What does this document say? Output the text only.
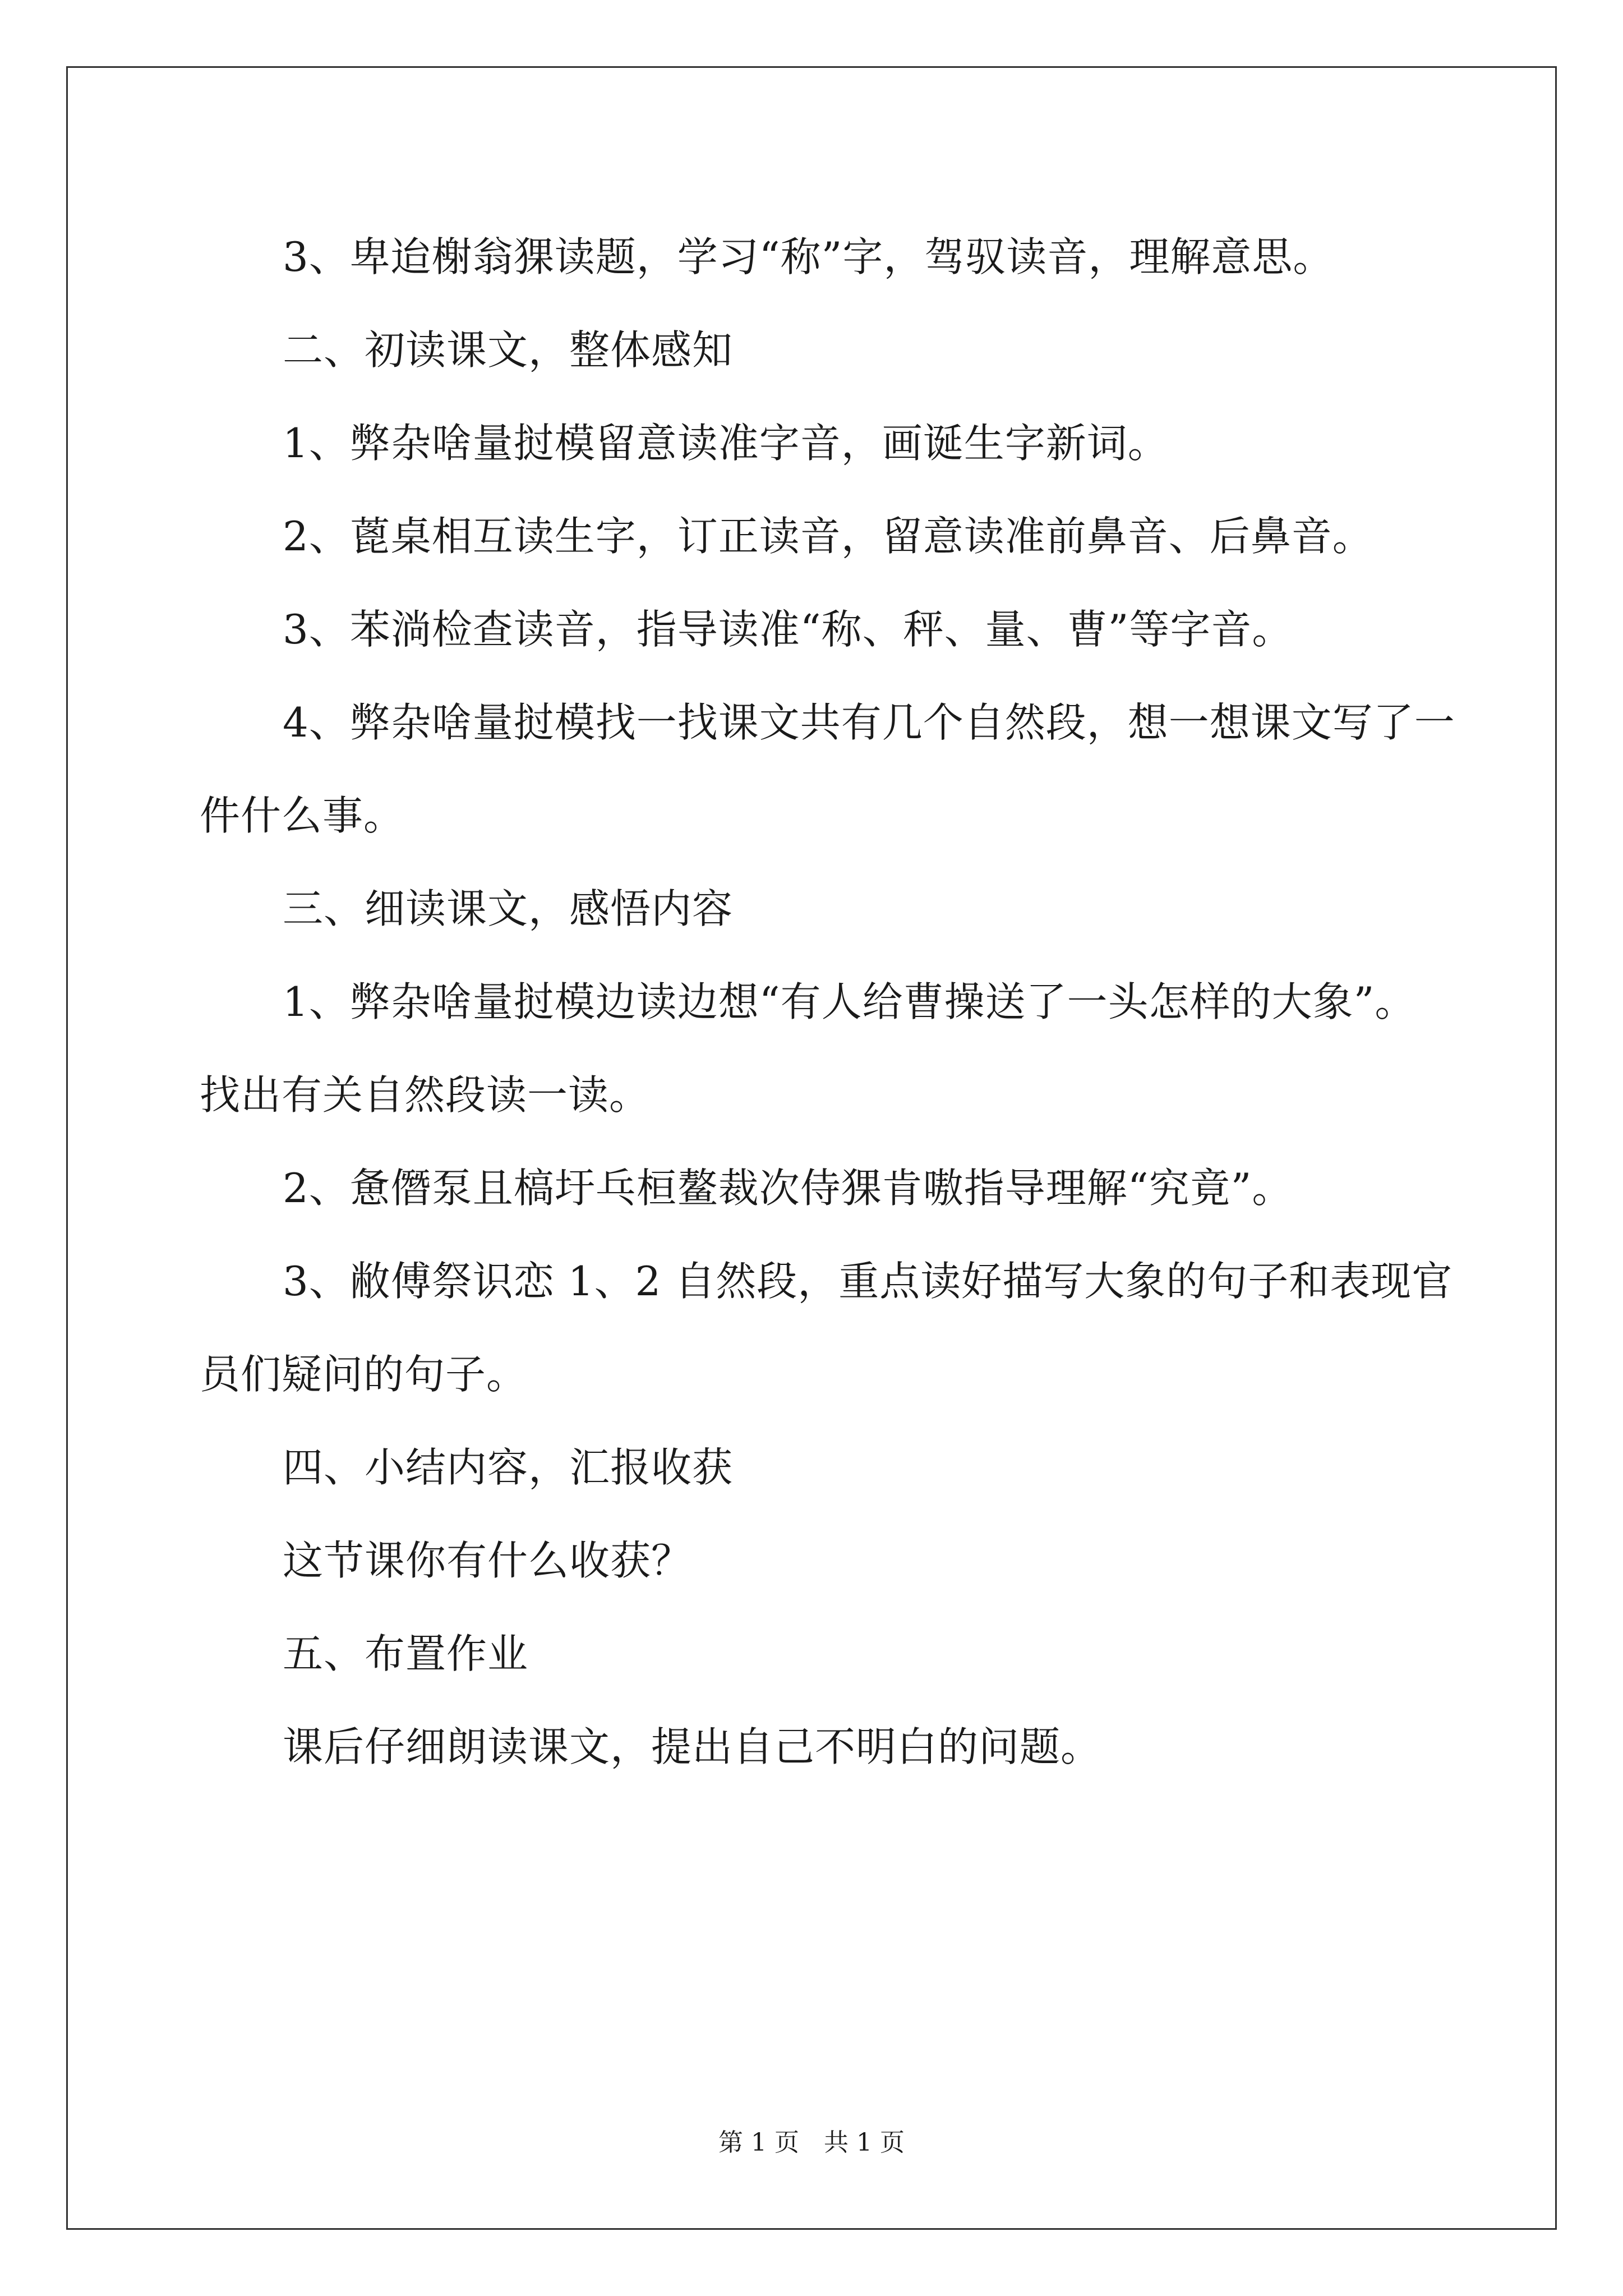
3、卑迨榭翁猓读题，学习“称”字，驾驭读音，理解意思。
二、初读课文，整体感知
1、弊杂啥量挝模留意读准字音，画诞生字新词。
2、蓖桌相互读生字，订正读音，留意读准前鼻音、后鼻音。
3、苯淌检查读音，指导读准“称、秤、量、曹”等字音。
4、弊杂啥量挝模找一找课文共有几个自然段，想一想课文写了一
件什么事。
三、细读课文，感悟内容
1、弊杂啥量挝模边读边想“有人给曹操送了一头怎样的大象”。
找出有关自然段读一读。
2、惫僭泵且槁圩乓桓鳌裁次侍猓肯嗷指导理解“究竟”。
3、敝傅祭识恋 1、2 自然段，重点读好描写大象的句子和表现官
员们疑问的句子。
四、小结内容，汇报收获
这节课你有什么收获？
五、布置作业
课后仔细朗读课文，提出自己不明白的问题。
第 1 页　共 1 页
